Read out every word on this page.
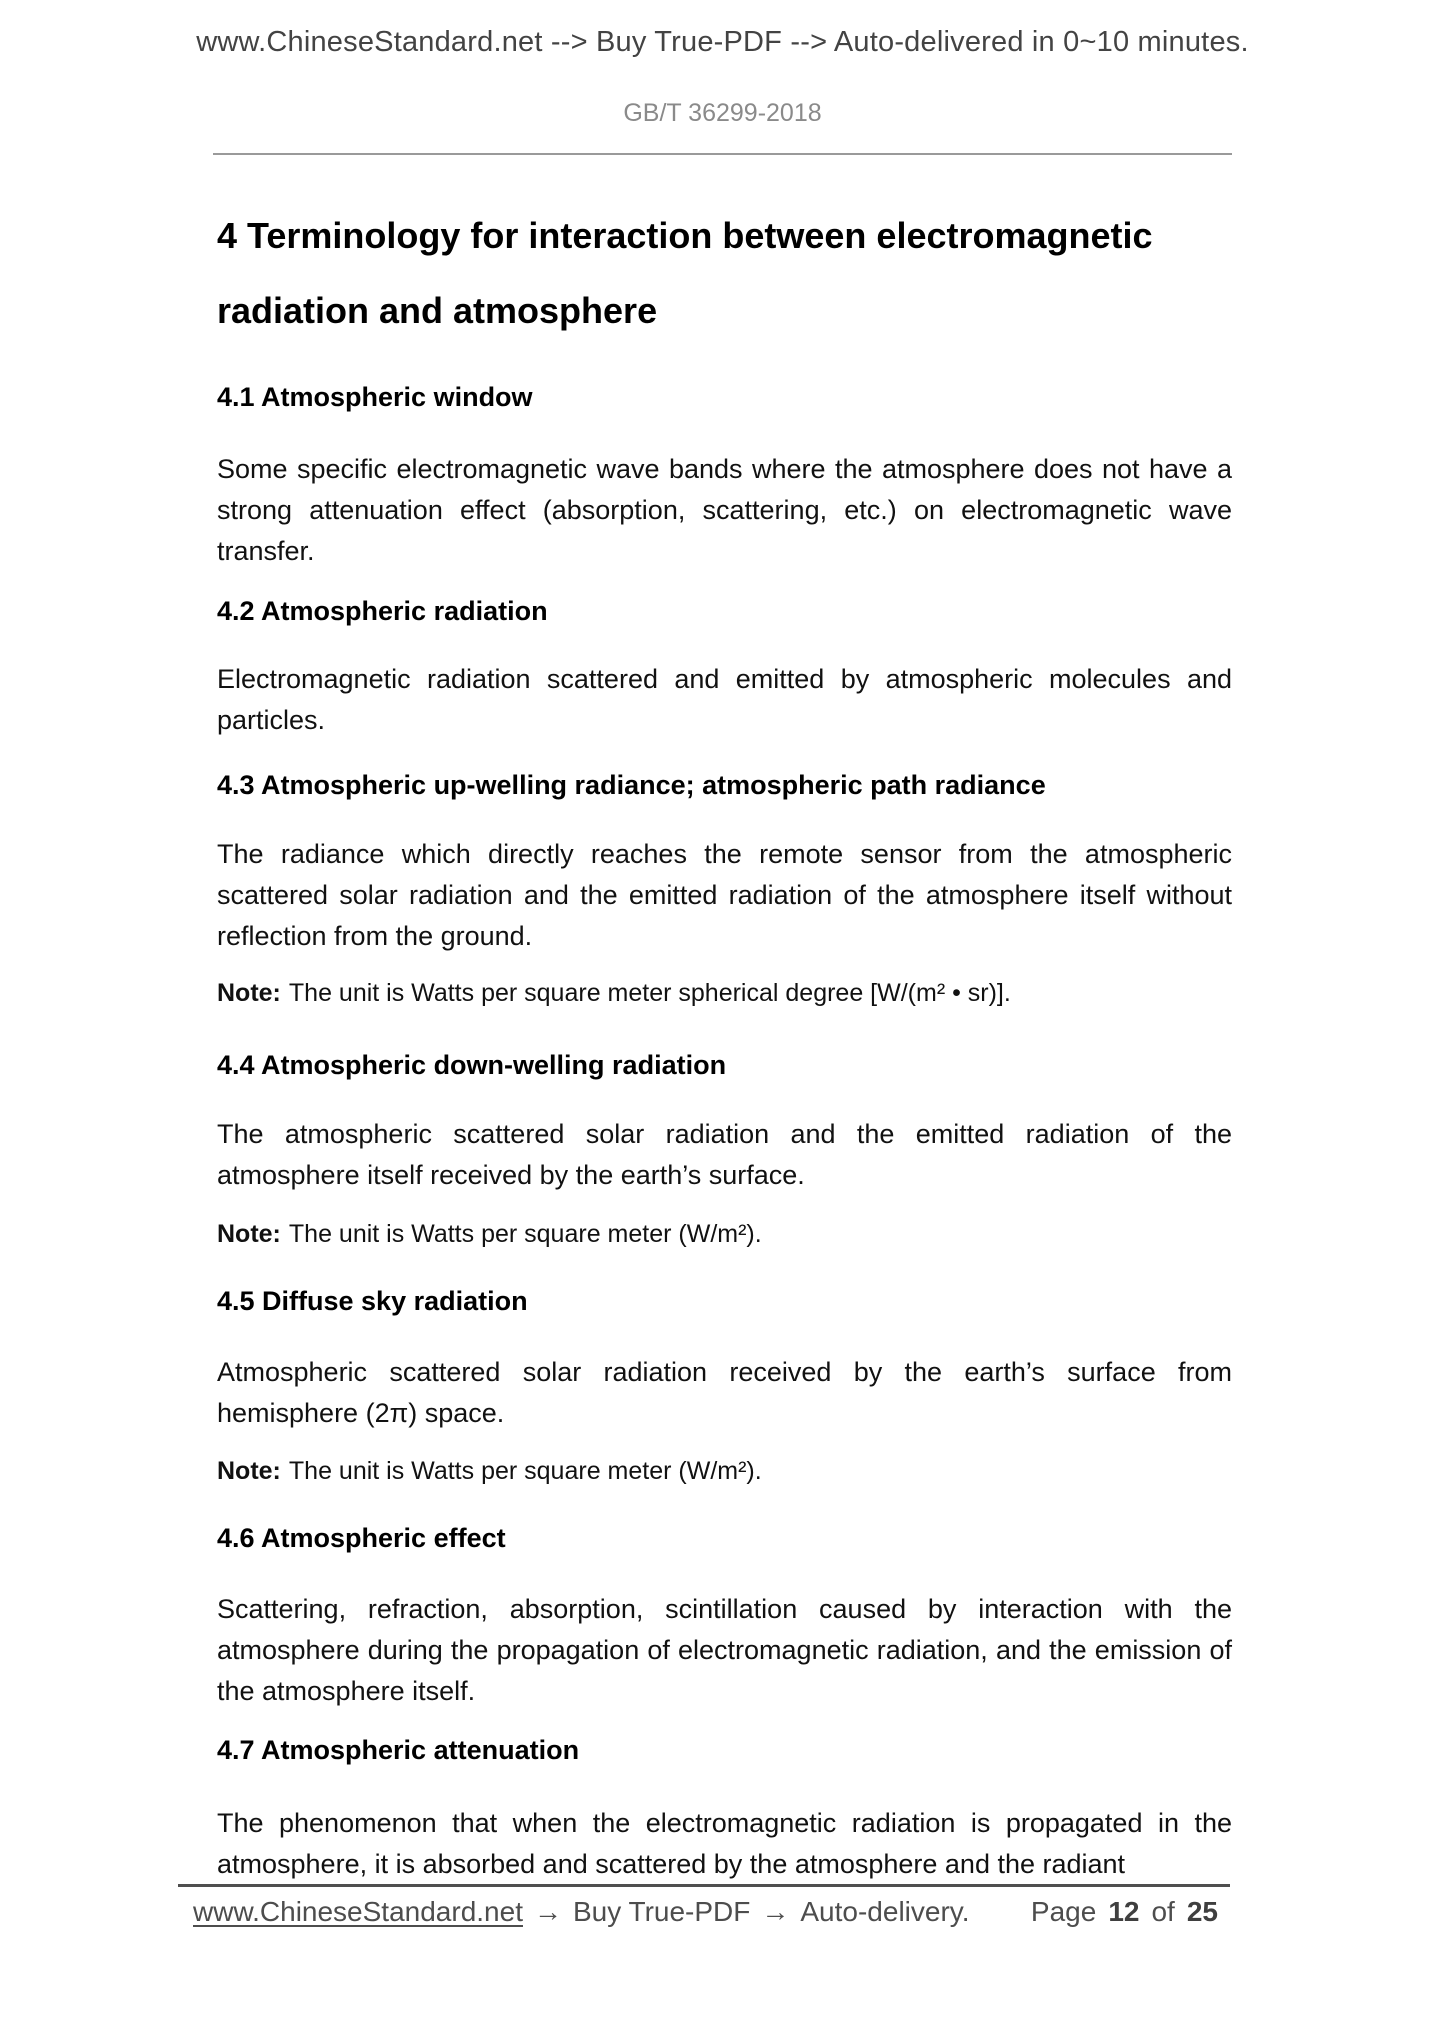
www.ChineseStandard.net --> Buy True-PDF --> Auto-delivered in 0~10 minutes.
GB/T 36299-2018
4 Terminology for interaction between electromagnetic
radiation and atmosphere
4.1 Atmospheric window

Some specific electromagnetic wave bands where the atmosphere does not have a strong attenuation effect (absorption, scattering, etc.) on electromagnetic wave transfer.

4.2 Atmospheric radiation

Electromagnetic radiation scattered and emitted by atmospheric molecules and particles.

4.3 Atmospheric up-welling radiance; atmospheric path radiance

The radiance which directly reaches the remote sensor from the atmospheric scattered solar radiation and the emitted radiation of the atmosphere itself without reflection from the ground.

Note: The unit is Watts per square meter spherical degree [W/(m² • sr)].

4.4 Atmospheric down-welling radiation

The atmospheric scattered solar radiation and the emitted radiation of the atmosphere itself received by the earth’s surface.

Note: The unit is Watts per square meter (W/m²).

4.5 Diffuse sky radiation

Atmospheric scattered solar radiation received by the earth’s surface from hemisphere (2π) space.

Note: The unit is Watts per square meter (W/m²).

4.6 Atmospheric effect

Scattering, refraction, absorption, scintillation caused by interaction with the atmosphere during the propagation of electromagnetic radiation, and the emission of the atmosphere itself.

4.7 Atmospheric attenuation

The phenomenon that when the electromagnetic radiation is propagated in the atmosphere, it is absorbed and scattered by the atmosphere and the radiant

www.ChineseStandard.net → Buy True-PDF → Auto-delivery. Page 12 of 25
